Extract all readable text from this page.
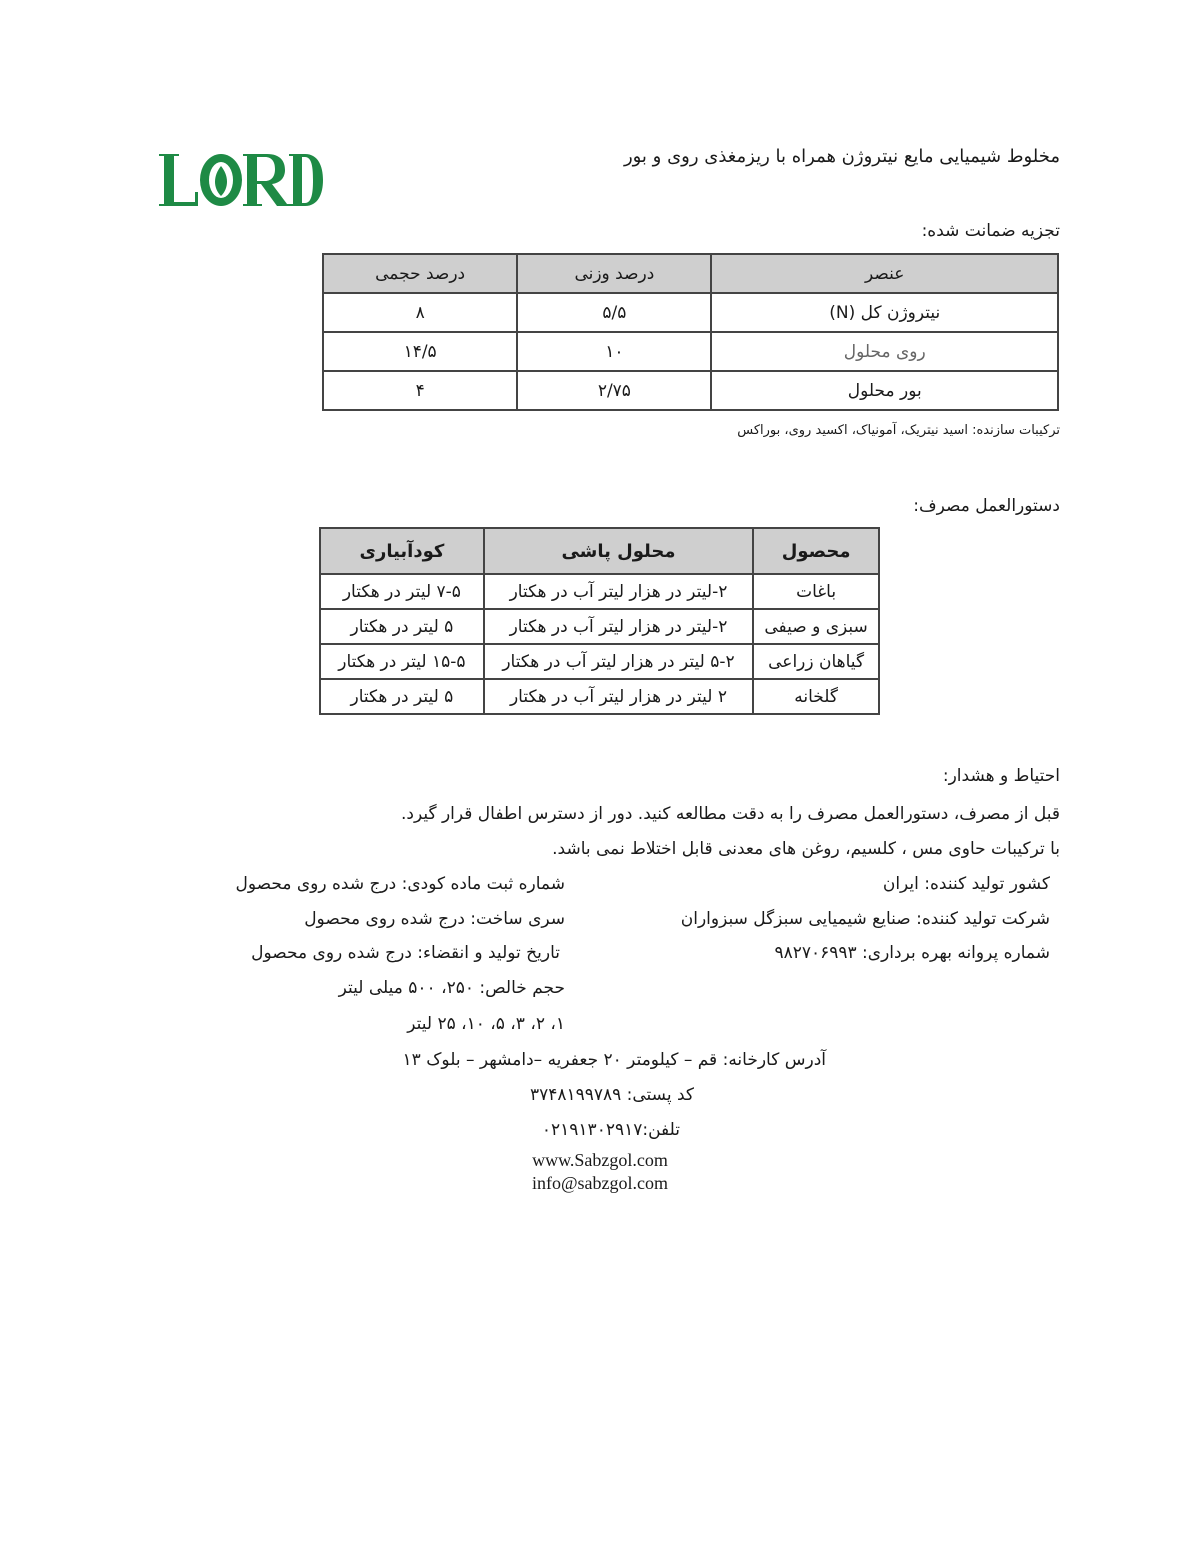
مخلوط شیمیایی مایع نیتروژن همراه با ریزمغذی روی و بور
تجزیه ضمانت شده:
عنصر	درصد وزنی	درصد حجمی
نیتروژن کل (N)	۵/۵	۸
روی محلول	۱۰	۱۴/۵
بور محلول	۲/۷۵	۴
ترکیبات سازنده: اسید نیتریک، آمونیاک، اکسید روی، بوراکس
دستورالعمل مصرف:
محصول	محلول پاشی	کودآبیاری
باغات	۲-لیتر در هزار لیتر آب در هکتار	۷-۵ لیتر در هکتار
سبزی و صیفی	۲-لیتر در هزار لیتر آب در هکتار	۵ لیتر در هکتار
گیاهان زراعی	۵-۲ لیتر در هزار لیتر آب در هکتار	۱۵-۵ لیتر در هکتار
گلخانه	۲ لیتر در هزار لیتر آب در هکتار	۵ لیتر در هکتار
احتیاط و هشدار:
قبل از مصرف، دستورالعمل مصرف را به دقت مطالعه کنید. دور از دسترس اطفال قرار گیرد.
با ترکیبات حاوی مس ، کلسیم، روغن های معدنی قابل اختلاط نمی باشد.
کشور تولید کننده: ایران
شرکت تولید کننده: صنایع شیمیایی سبزگل سبزواران
شماره پروانه بهره برداری: ۹۸۲۷۰۶۹۹۳
شماره ثبت ماده کودی: درج شده روی محصول
سری ساخت: درج شده روی محصول
تاریخ تولید و انقضاء: درج شده روی محصول
حجم خالص: ۲۵۰، ۵۰۰ میلی لیتر
۱، ۲، ۳، ۵، ۱۰، ۲۵ لیتر
آدرس کارخانه: قم – کیلومتر ۲۰ جعفریه –دامشهر – بلوک ۱۳
کد پستی: ۳۷۴۸۱۹۹۷۸۹
تلفن:۰۲۱۹۱۳۰۲۹۱۷
www.Sabzgol.com
info@sabzgol.com
